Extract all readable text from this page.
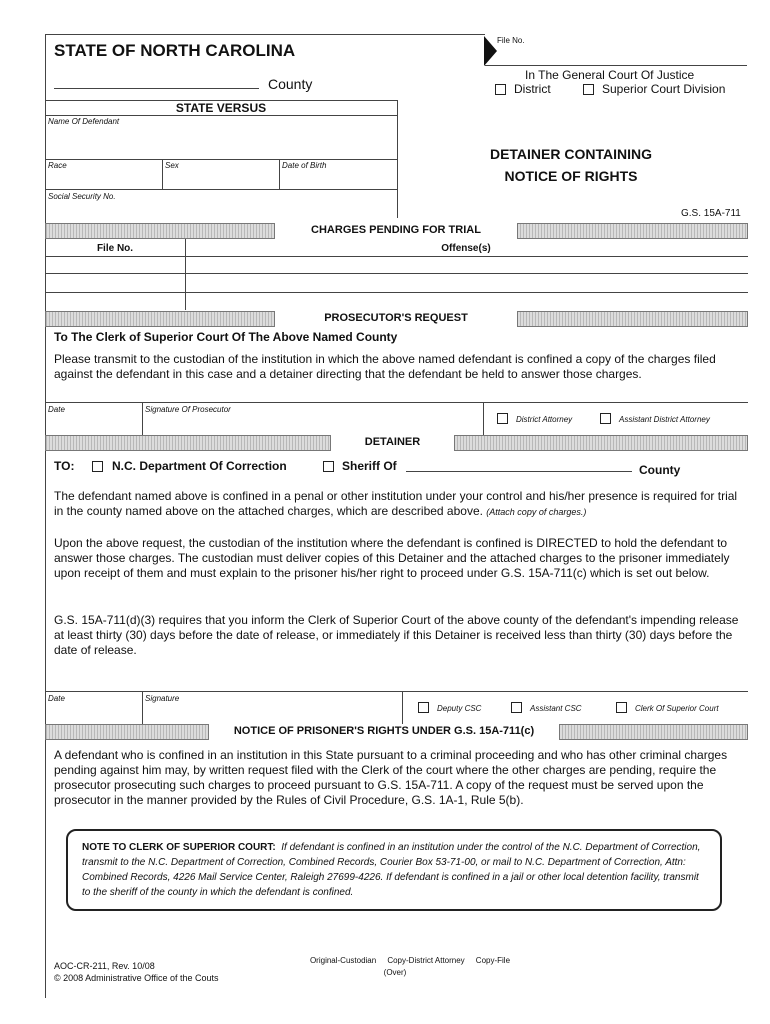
File No.
STATE OF NORTH CAROLINA
County
In The General Court Of Justice
District	Superior Court Division
STATE VERSUS
Name Of Defendant
Race	Sex	Date of Birth
Social Security No.
DETAINER CONTAINING
NOTICE OF RIGHTS
G.S. 15A-711
CHARGES PENDING FOR TRIAL
File No.	Offense(s)
PROSECUTOR'S REQUEST
To The Clerk of Superior Court Of The Above Named County
Please transmit to the custodian of the institution in which the above named defendant is confined a copy of the charges filed against the defendant in this case and a detainer directing that the defendant be held to answer those charges.
Date	Signature Of Prosecutor
District Attorney	Assistant District Attorney
DETAINER
TO:	N.C. Department Of Correction	Sheriff Of	County
The defendant named above is confined in a penal or other institution under your control and his/her presence is required for trial in the county named above on the attached charges, which are described above. (Attach copy of charges.)
Upon the above request, the custodian of the institution where the defendant is confined is DIRECTED to hold the defendant to answer those charges. The custodian must deliver copies of this Detainer and the attached charges to the prisoner immediately upon receipt of them and must explain to the prisoner his/her right to proceed under G.S. 15A-711(c) which is set out below.
G.S. 15A-711(d)(3) requires that you inform the Clerk of Superior Court of the above county of the defendant's impending release at least thirty (30) days before the date of release, or immediately if this Detainer is received less than thirty (30) days before the date of release.
Date	Signature
Deputy CSC	Assistant CSC	Clerk Of Superior Court
NOTICE OF PRISONER'S RIGHTS UNDER G.S. 15A-711(c)
A defendant who is confined in an institution in this State pursuant to a criminal proceeding and who has other criminal charges pending against him may, by written request filed with the Clerk of the court where the other charges are pending, require the prosecutor prosecuting such charges to proceed pursuant to G.S. 15A-711. A copy of the request must be served upon the prosecutor in the manner provided by the Rules of Civil Procedure, G.S. 1A-1, Rule 5(b).
NOTE TO CLERK OF SUPERIOR COURT: If defendant is confined in an institution under the control of the N.C. Department of Correction, transmit to the N.C. Department of Correction, Combined Records, Courier Box 53-71-00, or mail to N.C. Department of Correction, Attn: Combined Records, 4226 Mail Service Center, Raleigh 27699-4226. If defendant is confined in a jail or other local detention facility, transmit to the sheriff of the county in which the defendant is confined.
AOC-CR-211, Rev. 10/08
© 2008 Administrative Office of the Couts
Original-Custodian     Copy-District Attorney     Copy-File
(Over)
